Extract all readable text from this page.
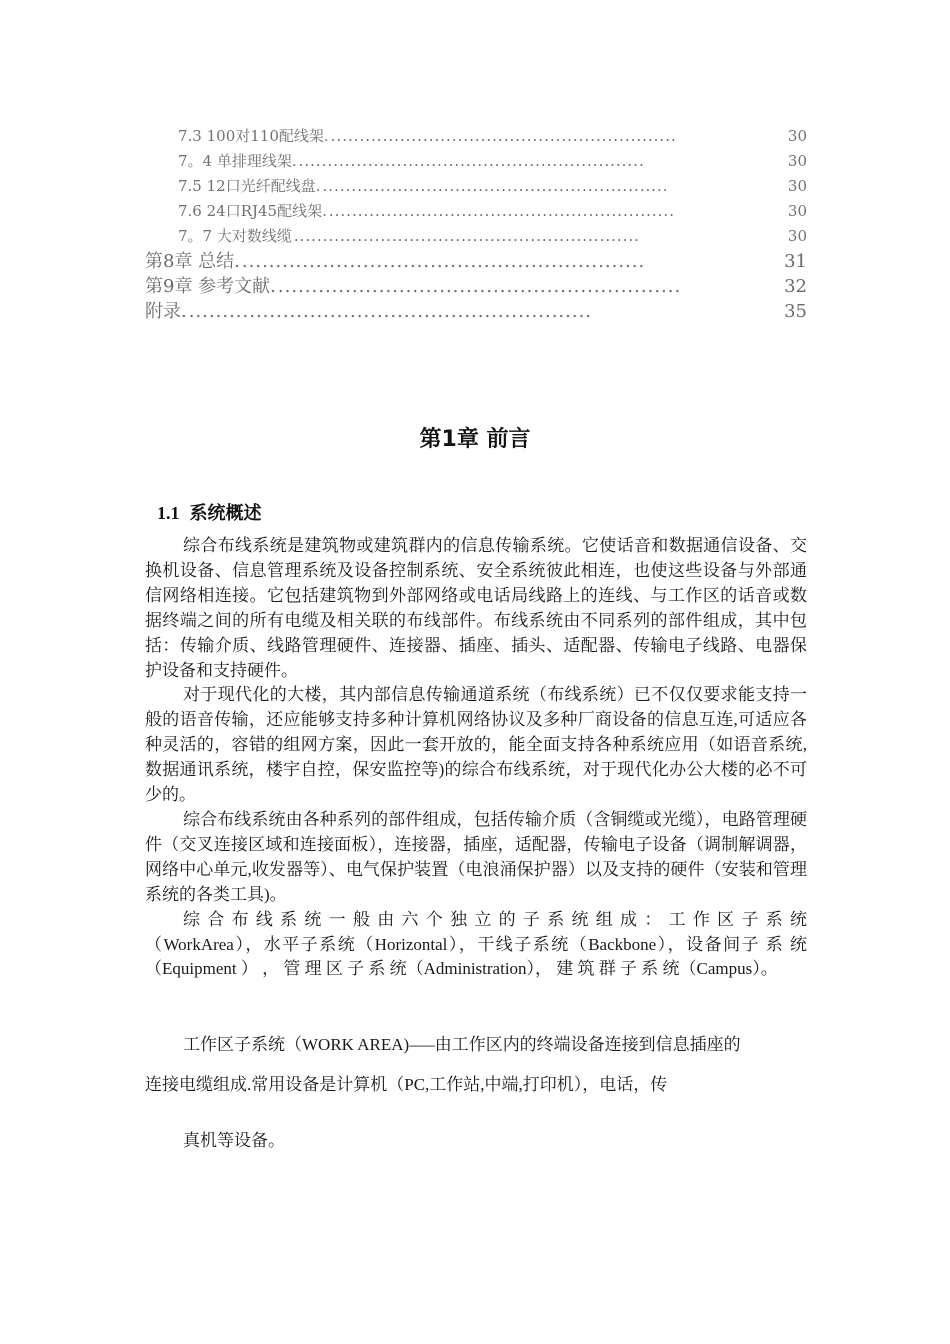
7.3 100对110配线架. ............................................................	30
7。4 单排理线架. ............................................................	30
7.5 12口光纤配线盘. ............................................................	30
7.6 24口RJ45配线架. ............................................................	30
7。7 大对数线缆 ............................................................	30
第8章 总结. ............................................................	31
第9章 参考文献. ............................................................	32
附录. ............................................................	35
第1章 前言
1.1 系统概述

综合布线系统是建筑物或建筑群内的信息传输系统。它使话音和数据通信设备、交换机设备、信息管理系统及设备控制系统、安全系统彼此相连，也使这些设备与外部通信网络相连接。它包括建筑物到外部网络或电话局线路上的连线、与工作区的话音或数据终端之间的所有电缆及相关联的布线部件。布线系统由不同系列的部件组成，其中包括：传输介质、线路管理硬件、连接器、插座、插头、适配器、传输电子线路、电器保护设备和支持硬件。

对于现代化的大楼，其内部信息传输通道系统（布线系统）已不仅仅要求能支持一般的语音传输，还应能够支持多种计算机网络协议及多种厂商设备的信息互连,可适应各种灵活的，容错的组网方案，因此一套开放的，能全面支持各种系统应用（如语音系统,数据通讯系统，楼宇自控，保安监控等)的综合布线系统，对于现代化办公大楼的必不可少的。

综合布线系统由各种系列的部件组成，包括传输介质（含铜缆或光缆），电路管理硬件（交叉连接区域和连接面板），连接器，插座，适配器，传输电子设备（调制解调器，网络中心单元,收发器等）、电气保护装置（电浪涌保护器）以及支持的硬件（安装和管理系统的各类工具)。

综 合 布 线 系 统 一 般 由 六 个 独 立 的 子 系 统 组 成 ： 工 作 区 子 系 统（WorkArea），水平子系统（Horizontal），干线子系统（Backbone），设备间子 系 统（Equipment ） ， 管 理 区 子 系 统（Administration）， 建 筑 群 子 系 统（Campus）。

工作区子系统（WORK AREA)–––由工作区内的终端设备连接到信息插座的
连接电缆组成.常用设备是计算机（PC,工作站,中端,打印机），电话，传
真机等设备。
